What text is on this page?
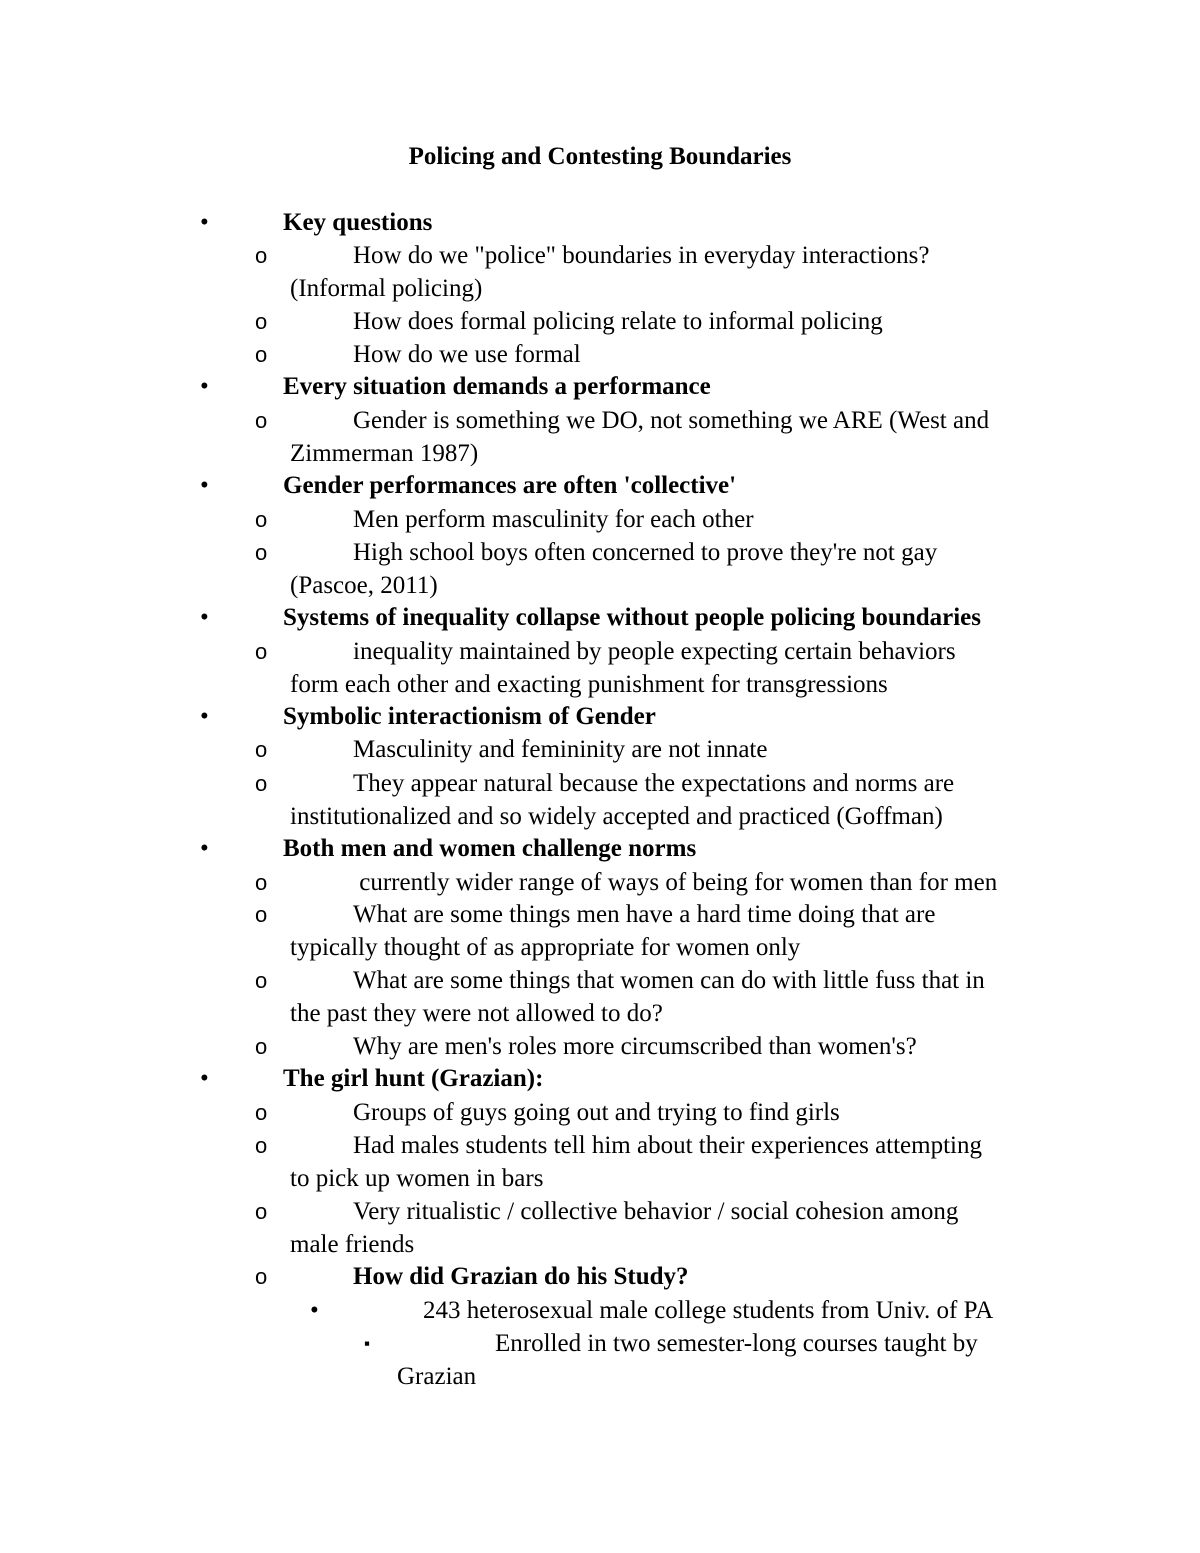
Policing and Contesting Boundaries
•	Key questions
o	How do we "police" boundaries in everyday interactions?
(Informal policing)
o	How does formal policing relate to informal policing
o	How do we use formal
•	Every situation demands a performance
o	Gender is something we DO, not something we ARE (West and
Zimmerman 1987)
•	Gender performances are often 'collective'
o	Men perform masculinity for each other
o	High school boys often concerned to prove they're not gay
(Pascoe, 2011)
•	Systems of inequality collapse without people policing boundaries
o	inequality maintained by people expecting certain behaviors
form each other and exacting punishment for transgressions
•	Symbolic interactionism of Gender
o	Masculinity and femininity are not innate
o	They appear natural because the expectations and norms are
institutionalized and so widely accepted and practiced (Goffman)
•	Both men and women challenge norms
o	currently wider range of ways of being for women than for men
o	What are some things men have a hard time doing that are
typically thought of as appropriate for women only
o	What are some things that women can do with little fuss that in
the past they were not allowed to do?
o	Why are men's roles more circumscribed than women's?
•	The girl hunt (Grazian):
o	Groups of guys going out and trying to find girls
o	Had males students tell him about their experiences attempting
to pick up women in bars
o	Very ritualistic / collective behavior / social cohesion among
male friends
o	How did Grazian do his Study?
•	243 heterosexual male college students from Univ. of PA
▪	Enrolled in two semester-long courses taught by
Grazian
